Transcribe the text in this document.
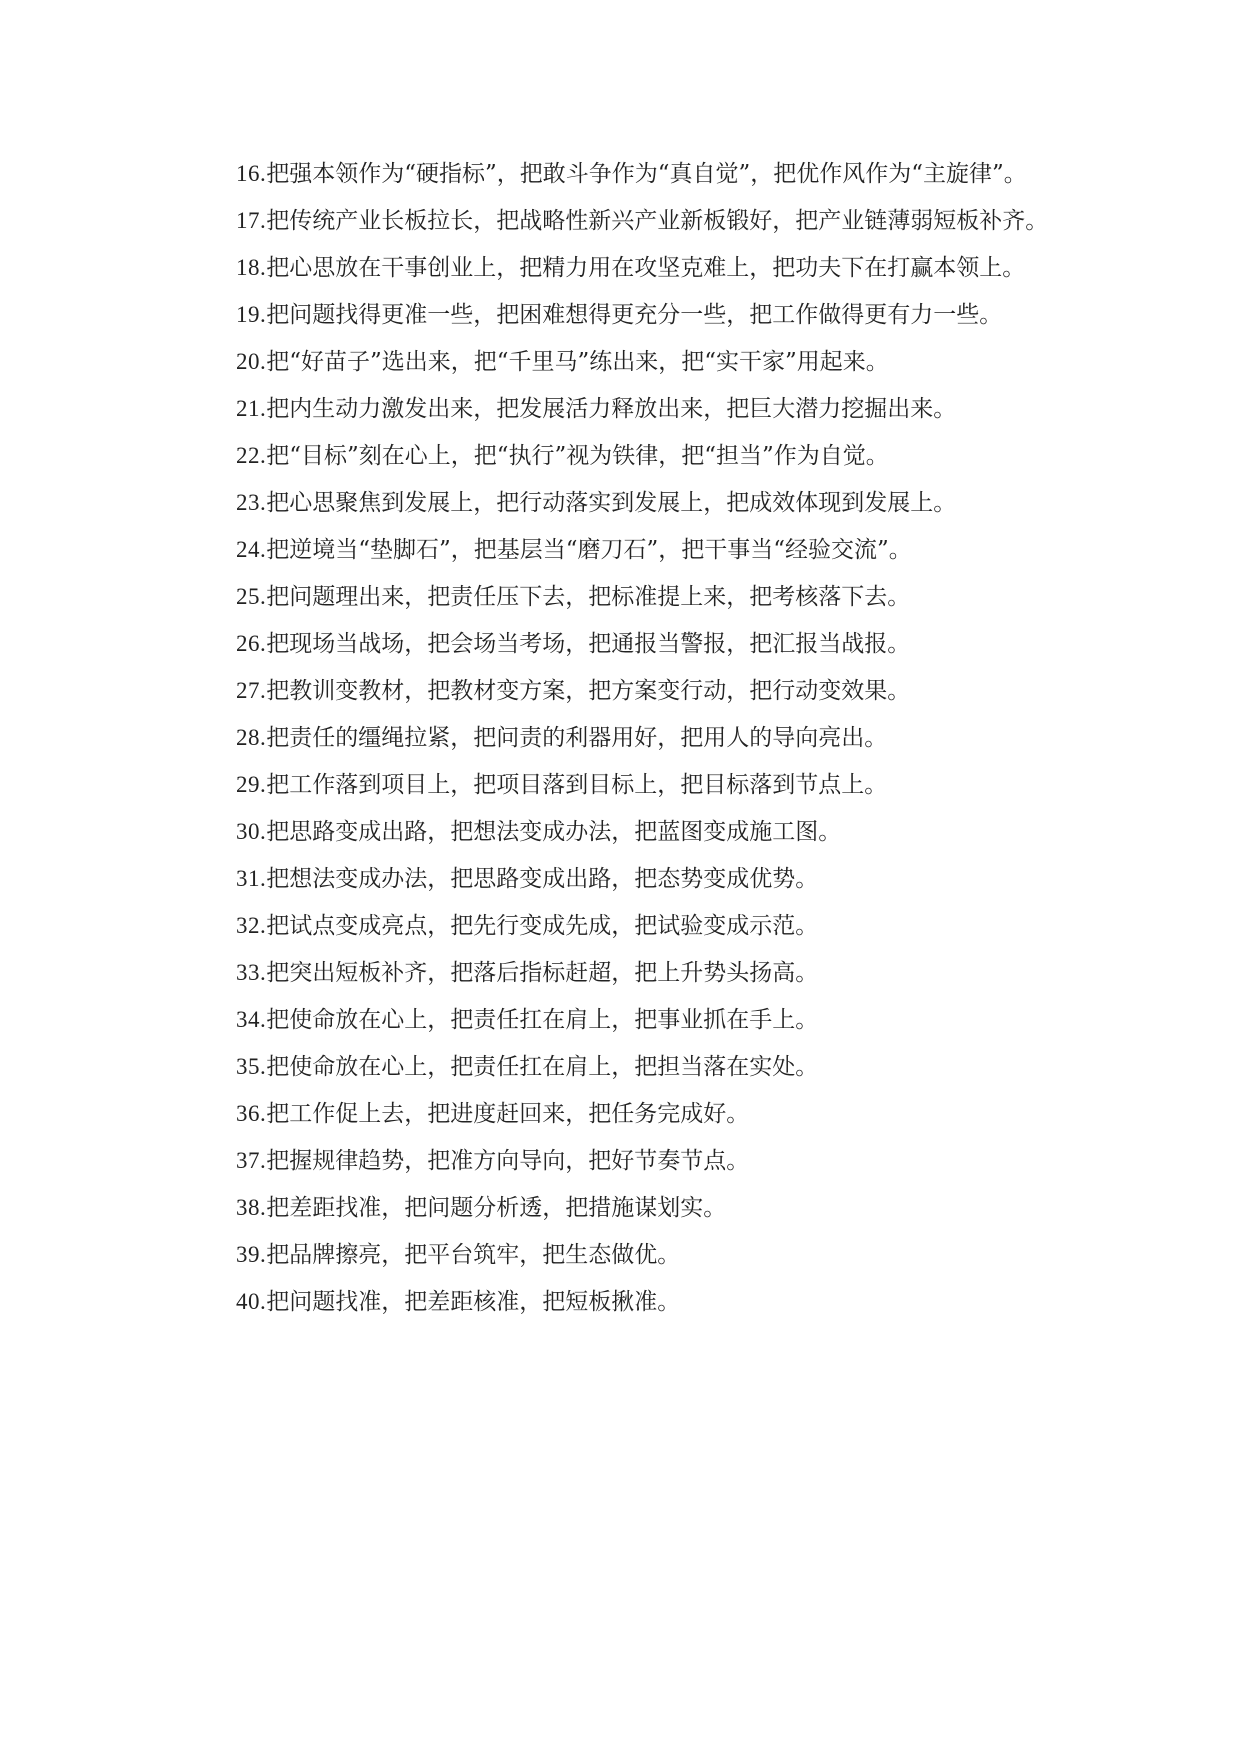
16.把强本领作为“硬指标”，把敢斗争作为“真自觉”，把优作风作为“主旋律”。

17.把传统产业长板拉长，把战略性新兴产业新板锻好，把产业链薄弱短板补齐。

18.把心思放在干事创业上，把精力用在攻坚克难上，把功夫下在打赢本领上。

19.把问题找得更准一些，把困难想得更充分一些，把工作做得更有力一些。

20.把“好苗子”选出来，把“千里马”练出来，把“实干家”用起来。

21.把内生动力激发出来，把发展活力释放出来，把巨大潜力挖掘出来。

22.把“目标”刻在心上，把“执行”视为铁律，把“担当”作为自觉。

23.把心思聚焦到发展上，把行动落实到发展上，把成效体现到发展上。

24.把逆境当“垫脚石”，把基层当“磨刀石”，把干事当“经验交流”。

25.把问题理出来，把责任压下去，把标准提上来，把考核落下去。

26.把现场当战场，把会场当考场，把通报当警报，把汇报当战报。

27.把教训变教材，把教材变方案，把方案变行动，把行动变效果。

28.把责任的缰绳拉紧，把问责的利器用好，把用人的导向亮出。

29.把工作落到项目上，把项目落到目标上，把目标落到节点上。

30.把思路变成出路，把想法变成办法，把蓝图变成施工图。

31.把想法变成办法，把思路变成出路，把态势变成优势。

32.把试点变成亮点，把先行变成先成，把试验变成示范。

33.把突出短板补齐，把落后指标赶超，把上升势头扬高。

34.把使命放在心上，把责任扛在肩上，把事业抓在手上。

35.把使命放在心上，把责任扛在肩上，把担当落在实处。

36.把工作促上去，把进度赶回来，把任务完成好。

37.把握规律趋势，把准方向导向，把好节奏节点。

38.把差距找准，把问题分析透，把措施谋划实。

39.把品牌擦亮，把平台筑牢，把生态做优。

40.把问题找准，把差距核准，把短板揪准。
